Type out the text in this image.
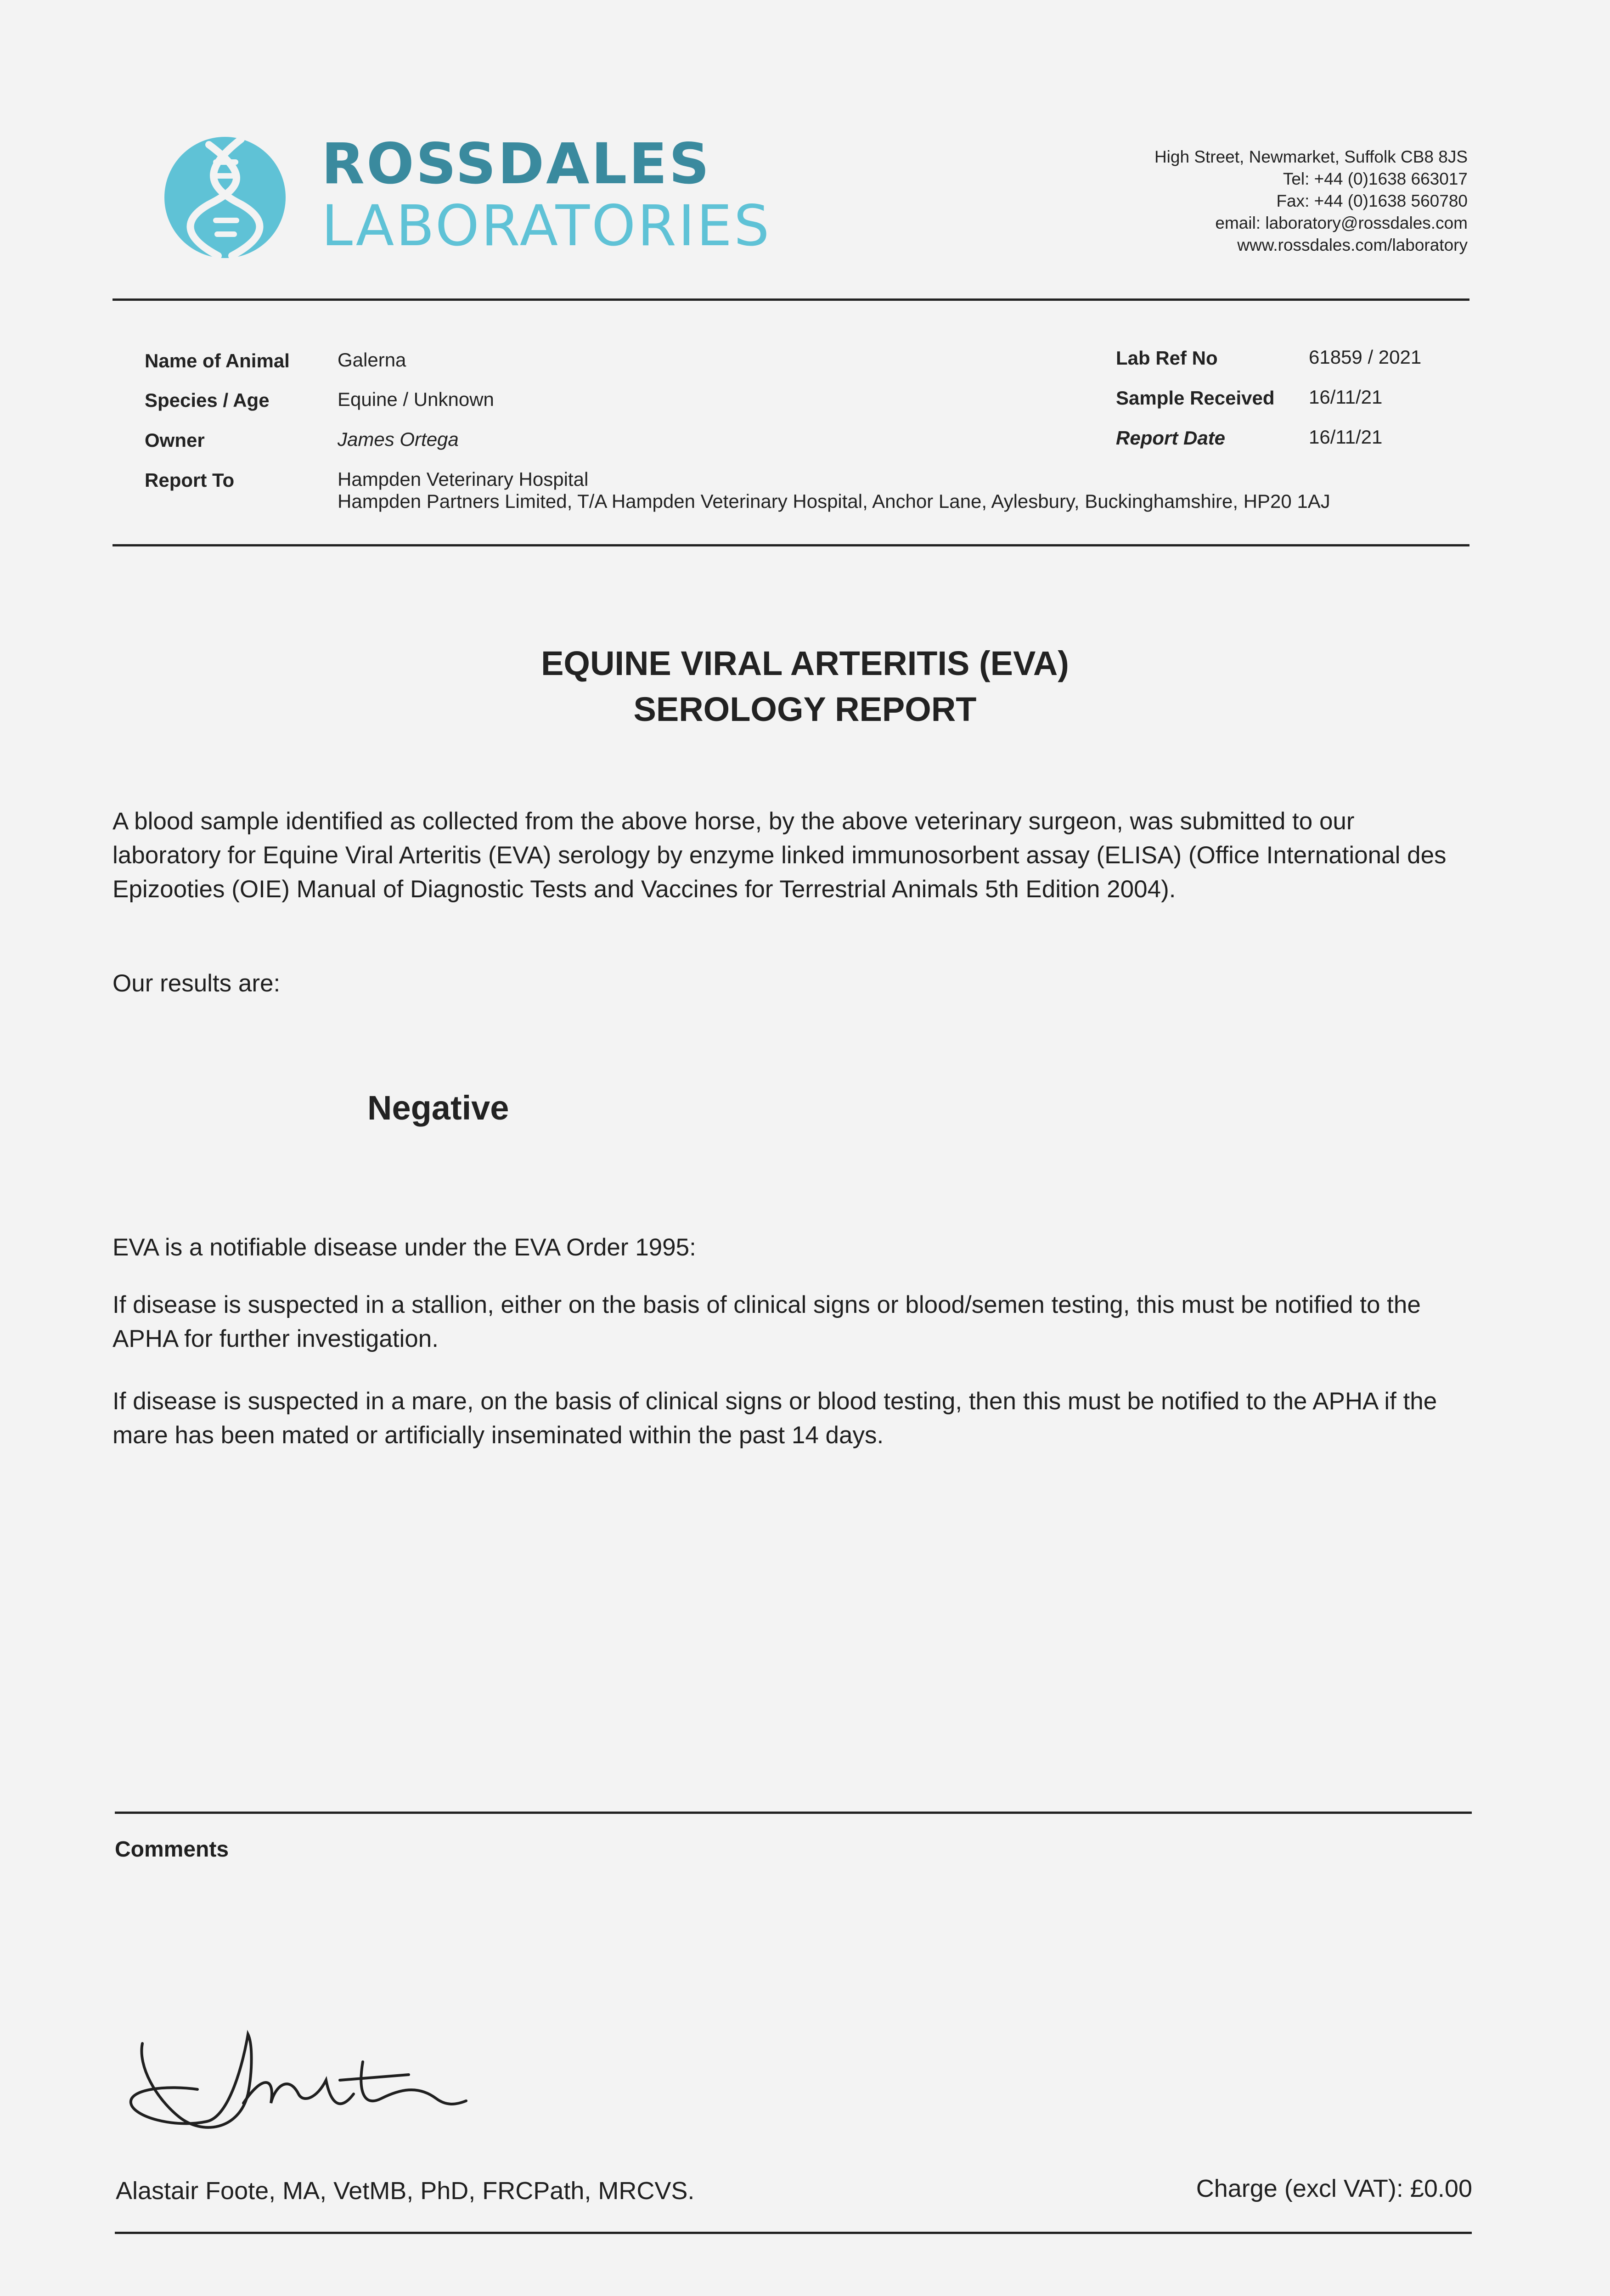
ROSSDALES
LABORATORIES
High Street, Newmarket, Suffolk CB8 8JS
Tel: +44 (0)1638 663017
Fax: +44 (0)1638 560780
email: laboratory@rossdales.com
www.rossdales.com/laboratory
Name of Animal Galerna
Species / Age	Equine / Unknown
Owner	James Ortega
Report To	Hampden Veterinary Hospital
Hampden Partners Limited, T/A Hampden Veterinary Hospital, Anchor Lane, Aylesbury, Buckinghamshire, HP20 1AJ
Lab Ref No	61859 / 2021
Sample Received 16/11/21
Report Date	16/11/21
EQUINE VIRAL ARTERITIS (EVA)
SEROLOGY REPORT
A blood sample identified as collected from the above horse, by the above veterinary surgeon, was submitted to our laboratory for Equine Viral Arteritis (EVA) serology by enzyme linked immunosorbent assay (ELISA) (Office International des Epizooties (OIE) Manual of Diagnostic Tests and Vaccines for Terrestrial Animals 5th Edition 2004).
Our results are:
Negative
EVA is a notifiable disease under the EVA Order 1995:
If disease is suspected in a stallion, either on the basis of clinical signs or blood/semen testing, this must be notified to the APHA for further investigation.
If disease is suspected in a mare, on the basis of clinical signs or blood testing, then this must be notified to the APHA if the mare has been mated or artificially inseminated within the past 14 days.
Comments
Alastair Foote, MA, VetMB, PhD, FRCPath, MRCVS.	Charge (excl VAT): £0.00
